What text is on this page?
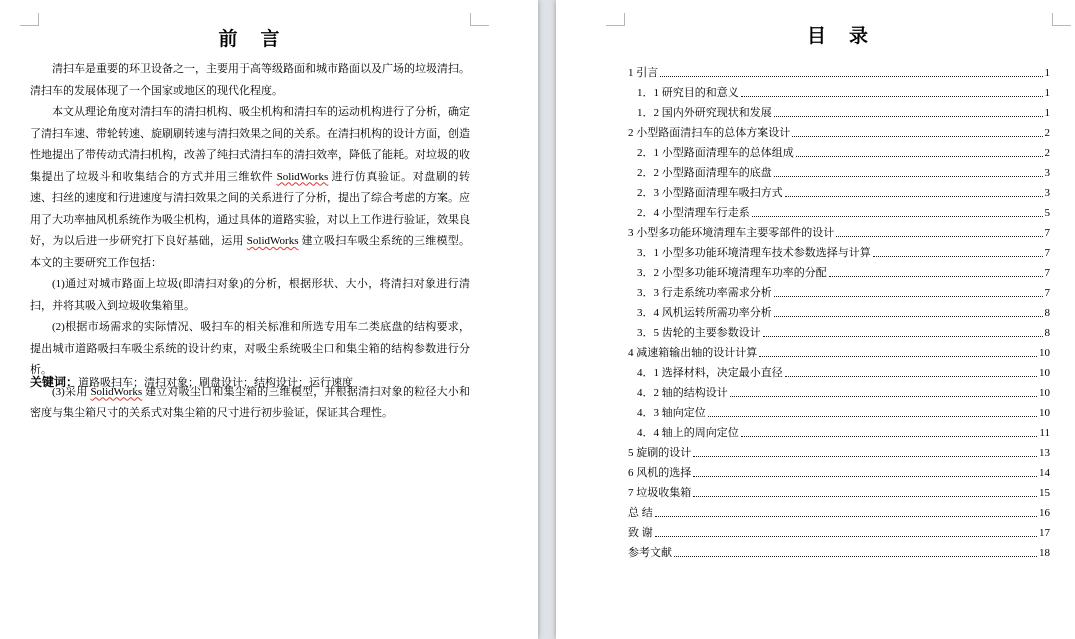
前　言

清扫车是重要的环卫设备之一，主要用于高等级路面和城市路面以及广场的垃圾清扫。清扫车的发展体现了一个国家或地区的现代化程度。

本文从理论角度对清扫车的清扫机构、吸尘机构和清扫车的运动机构进行了分析，确定了清扫车速、带轮转速、旋刷刷转速与清扫效果之间的关系。在清扫机构的设计方面，创造性地提出了带传动式清扫机构，改善了纯扫式清扫车的清扫效率，降低了能耗。对垃圾的收集提出了垃圾斗和收集结合的方式并用三维软件 SolidWorks 进行仿真验证。对盘刷的转速、扫丝的速度和行进速度与清扫效果之间的关系进行了分析，提出了综合考虑的方案。应用了大功率抽风机系统作为吸尘机构，通过具体的道路实验，对以上工作进行验证，效果良好，为以后进一步研究打下良好基础，运用 SolidWorks 建立吸扫车吸尘系统的三维模型。本文的主要研究工作包括：

(1)通过对城市路面上垃圾(即清扫对象)的分析，根据形状、大小，将清扫对象进行清扫，并将其吸入到垃圾收集箱里。

(2)根据市场需求的实际情况、吸扫车的相关标准和所选专用车二类底盘的结构要求，提出城市道路吸扫车吸尘系统的设计约束，对吸尘系统吸尘口和集尘箱的结构参数进行分析。

(3)采用 SolidWorks 建立对吸尘口和集尘箱的三维模型，并根据清扫对象的粒径大小和密度与集尘箱尺寸的关系式对集尘箱的尺寸进行初步验证，保证其合理性。

关键词：道路吸扫车；清扫对象；刷盘设计；结构设计；运行速度
目　录
1 引言	1
1．1 研究目的和意义	1
1．2 国内外研究现状和发展	1
2 小型路面清扫车的总体方案设计	2
2．1 小型路面清理车的总体组成	2
2．2 小型路面清理车的底盘	3
2．3 小型路面清理车吸扫方式	3
2．4 小型清理车行走系	5
3 小型多功能环境清理车主要零部件的设计	7
3．1 小型多功能环境清理车技术参数选择与计算	7
3．2 小型多功能环境清理车功率的分配	7
3．3 行走系统功率需求分析	7
3．4 风机运转所需功率分析	8
3．5 齿轮的主要参数设计	8
4 减速箱输出轴的设计计算	10
4．1 选择材料，决定最小直径	10
4．2 轴的结构设计	10
4．3 轴向定位	10
4．4 轴上的周向定位	11
5 旋刷的设计	13
6 风机的选择	14
7 垃圾收集箱	15
总 结	16
致 谢	17
参考文献	18
